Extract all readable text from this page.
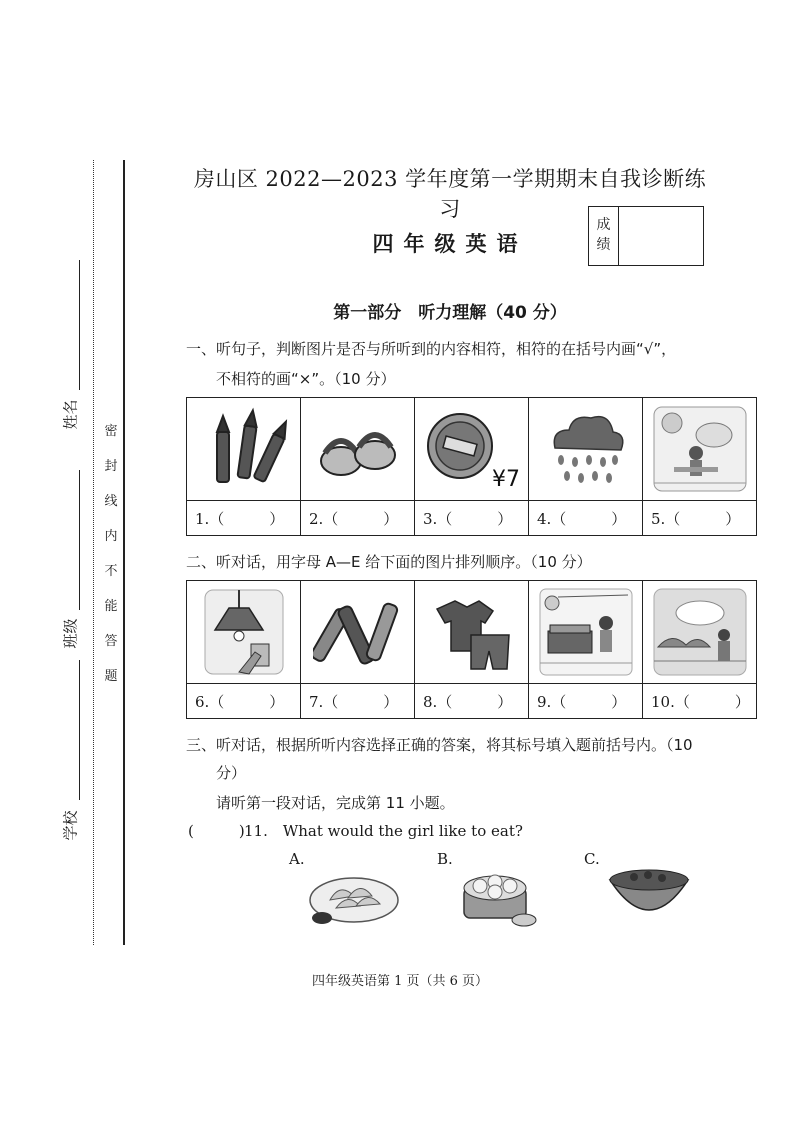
姓名
班级
学校
密
封
线
内
不
能
答
题
房山区 2022—2023 学年度第一学期期末自我诊断练习
四年级英语
成绩
第一部分　听力理解（40 分）
一、听句子，判断图片是否与所听到的内容相符，相符的在括号内画“√”，
不相符的画“×”。（10 分）

¥7

1.（　　　）	2.（　　　）	3.（　　　）	4.（　　　）	5.（　　　）
二、听对话，用字母 A—E 给下面的图片排列顺序。（10 分）

6.（　　　）	7.（　　　）	8.（　　　）	9.（　　　）	10.（　　　）
三、听对话，根据所听内容选择正确的答案，将其标号填入题前括号内。（10
分）
请听第一段对话，完成第 11 小题。
(　　　) 11.　What would the girl like to eat?
A.	B.	C.
四年级英语第 1 页（共 6 页）
